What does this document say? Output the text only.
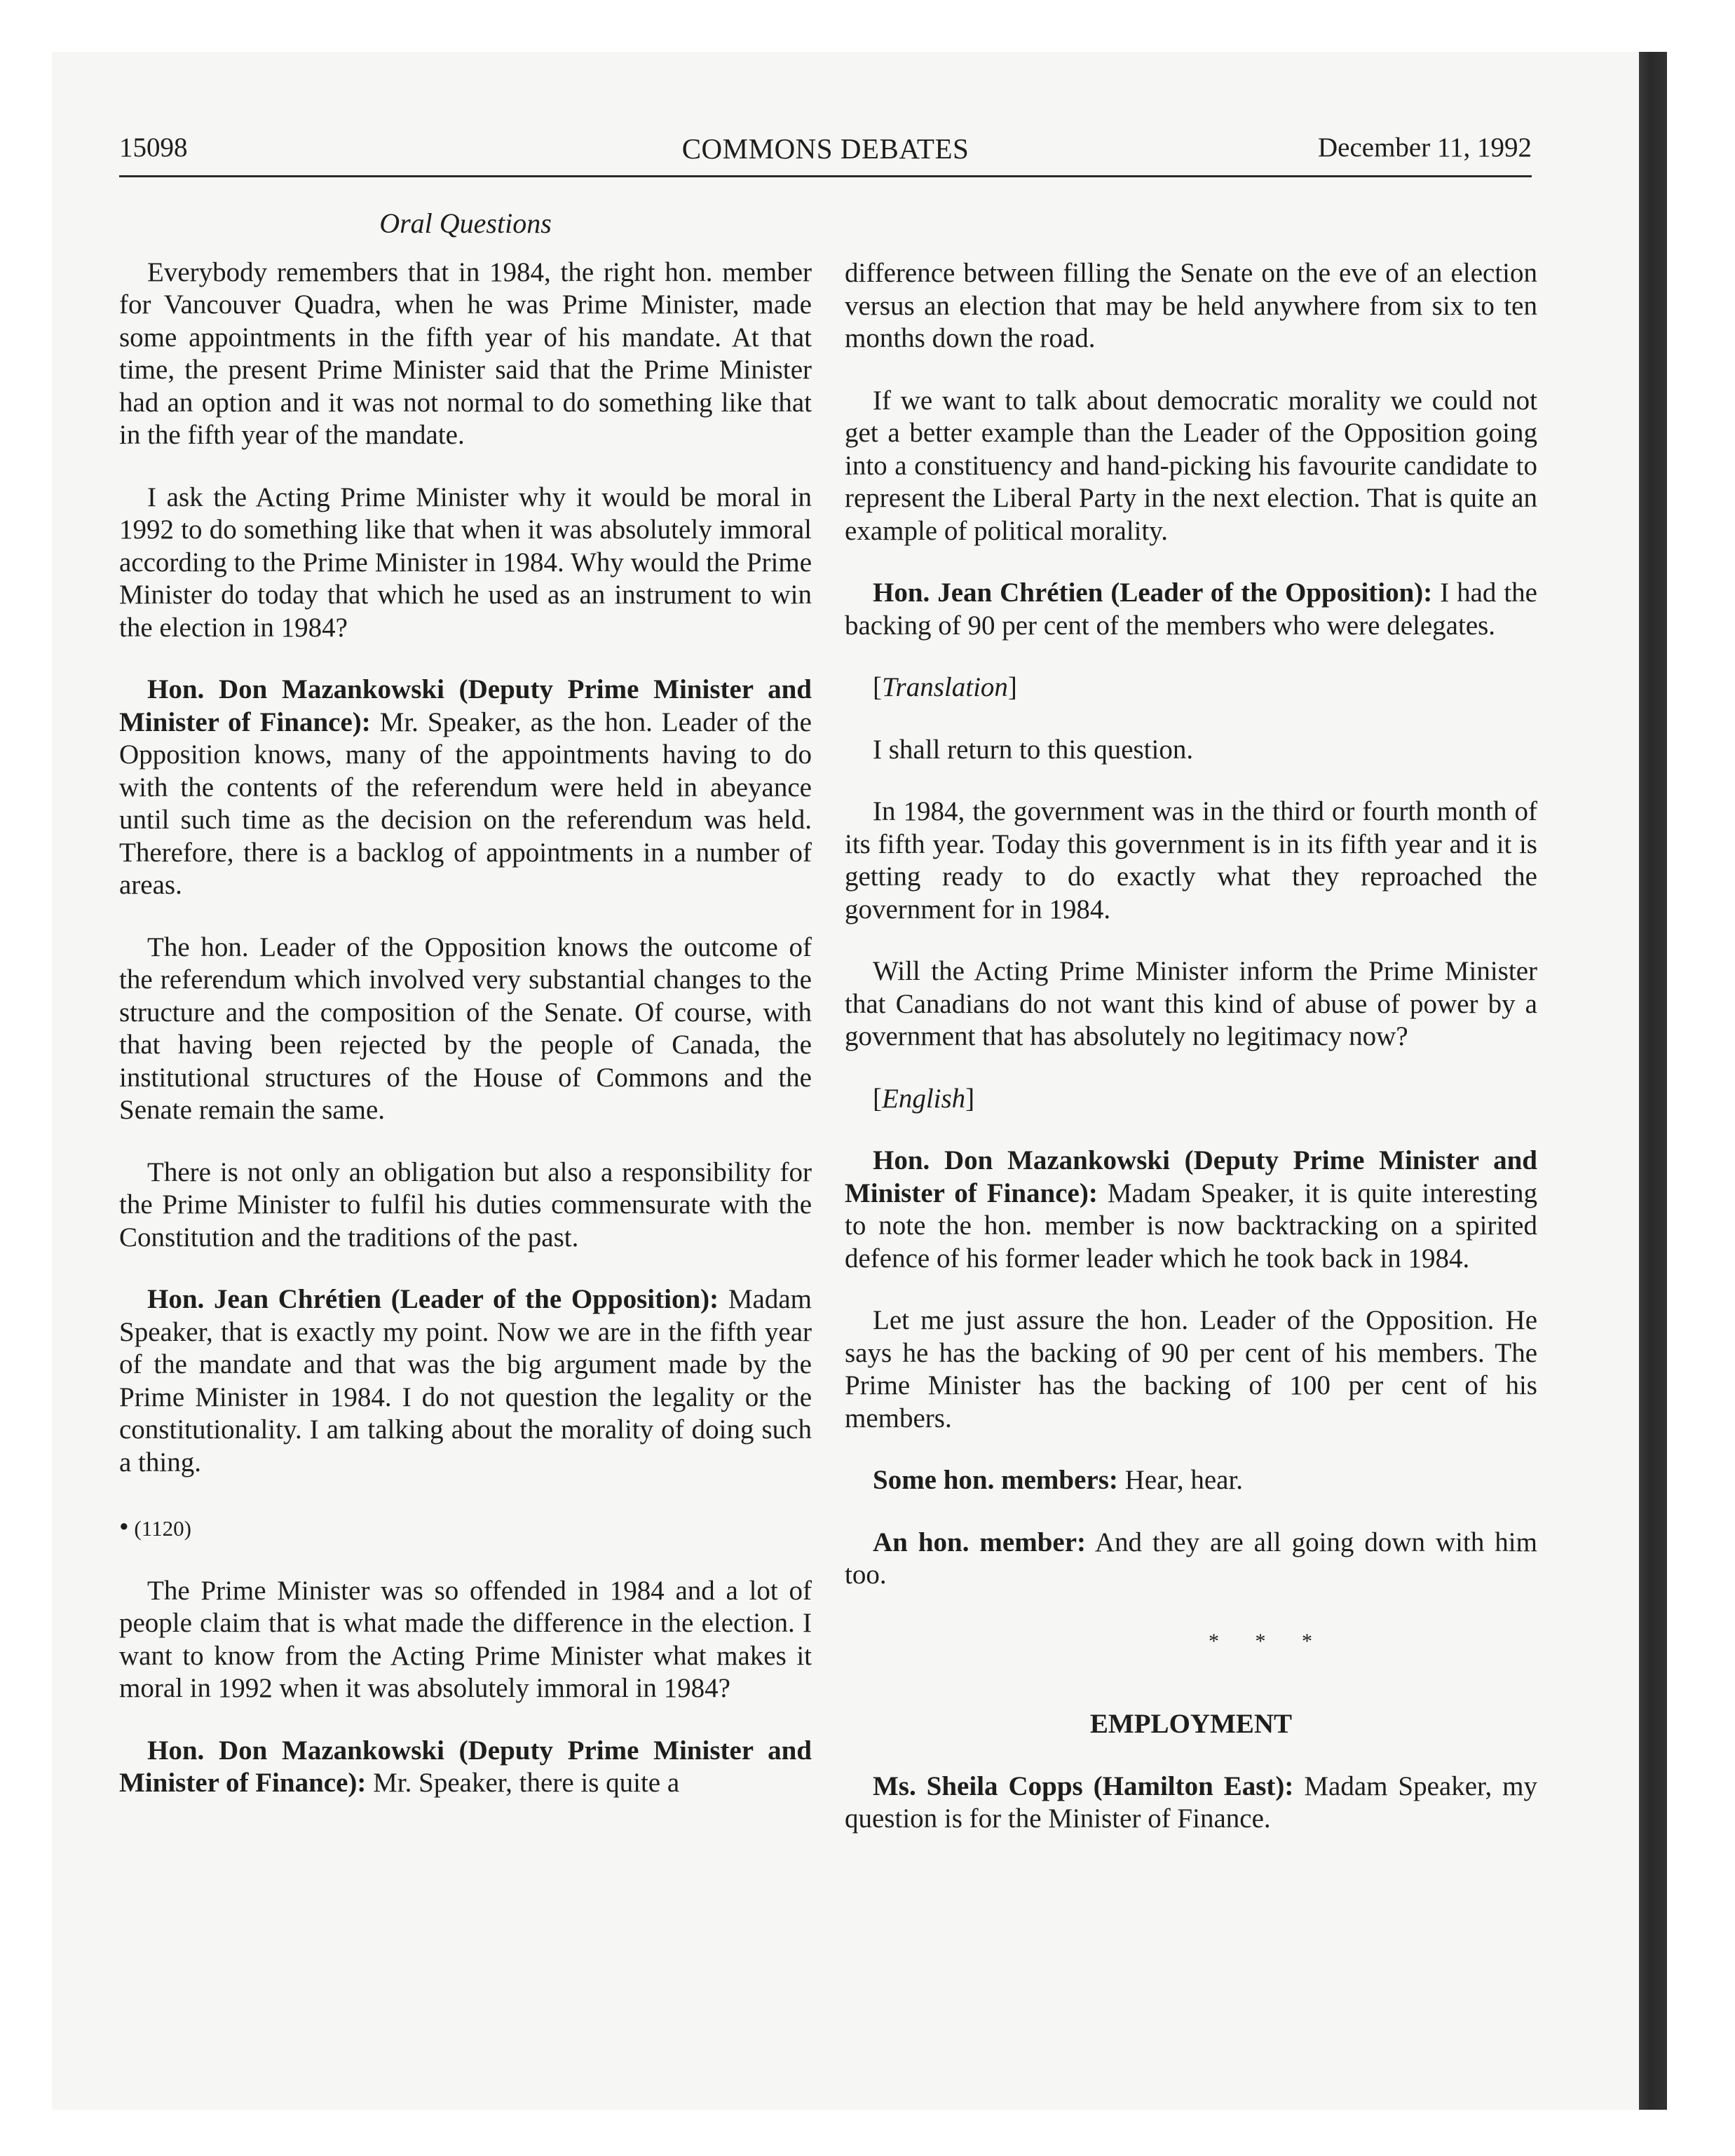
15098	COMMONS DEBATES	December 11, 1992
Oral Questions

Everybody remembers that in 1984, the right hon. member for Vancouver Quadra, when he was Prime Minister, made some appointments in the fifth year of his mandate. At that time, the present Prime Minister said that the Prime Minister had an option and it was not normal to do something like that in the fifth year of the mandate.

I ask the Acting Prime Minister why it would be moral in 1992 to do something like that when it was absolutely immoral according to the Prime Minister in 1984. Why would the Prime Minister do today that which he used as an instrument to win the election in 1984?

Hon. Don Mazankowski (Deputy Prime Minister and Minister of Finance): Mr. Speaker, as the hon. Leader of the Opposition knows, many of the appointments having to do with the contents of the referendum were held in abeyance until such time as the decision on the referendum was held. Therefore, there is a backlog of appointments in a number of areas.

The hon. Leader of the Opposition knows the outcome of the referendum which involved very substantial changes to the structure and the composition of the Senate. Of course, with that having been rejected by the people of Canada, the institutional structures of the House of Commons and the Senate remain the same.

There is not only an obligation but also a responsibility for the Prime Minister to fulfil his duties commensurate with the Constitution and the traditions of the past.

Hon. Jean Chrétien (Leader of the Opposition): Madam Speaker, that is exactly my point. Now we are in the fifth year of the mandate and that was the big argument made by the Prime Minister in 1984. I do not question the legality or the constitutionality. I am talking about the morality of doing such a thing.

• (1120)

The Prime Minister was so offended in 1984 and a lot of people claim that is what made the difference in the election. I want to know from the Acting Prime Minister what makes it moral in 1992 when it was absolutely immoral in 1984?

Hon. Don Mazankowski (Deputy Prime Minister and Minister of Finance): Mr. Speaker, there is quite a

difference between filling the Senate on the eve of an election versus an election that may be held anywhere from six to ten months down the road.

If we want to talk about democratic morality we could not get a better example than the Leader of the Opposition going into a constituency and hand-picking his favourite candidate to represent the Liberal Party in the next election. That is quite an example of political morality.

Hon. Jean Chrétien (Leader of the Opposition): I had the backing of 90 per cent of the members who were delegates.

[Translation]

I shall return to this question.

In 1984, the government was in the third or fourth month of its fifth year. Today this government is in its fifth year and it is getting ready to do exactly what they reproached the government for in 1984.

Will the Acting Prime Minister inform the Prime Minister that Canadians do not want this kind of abuse of power by a government that has absolutely no legitimacy now?

[English]

Hon. Don Mazankowski (Deputy Prime Minister and Minister of Finance): Madam Speaker, it is quite interesting to note the hon. member is now backtracking on a spirited defence of his former leader which he took back in 1984.

Let me just assure the hon. Leader of the Opposition. He says he has the backing of 90 per cent of his members. The Prime Minister has the backing of 100 per cent of his members.

Some hon. members: Hear, hear.

An hon. member: And they are all going down with him too.

* * *
EMPLOYMENT

Ms. Sheila Copps (Hamilton East): Madam Speaker, my question is for the Minister of Finance.
